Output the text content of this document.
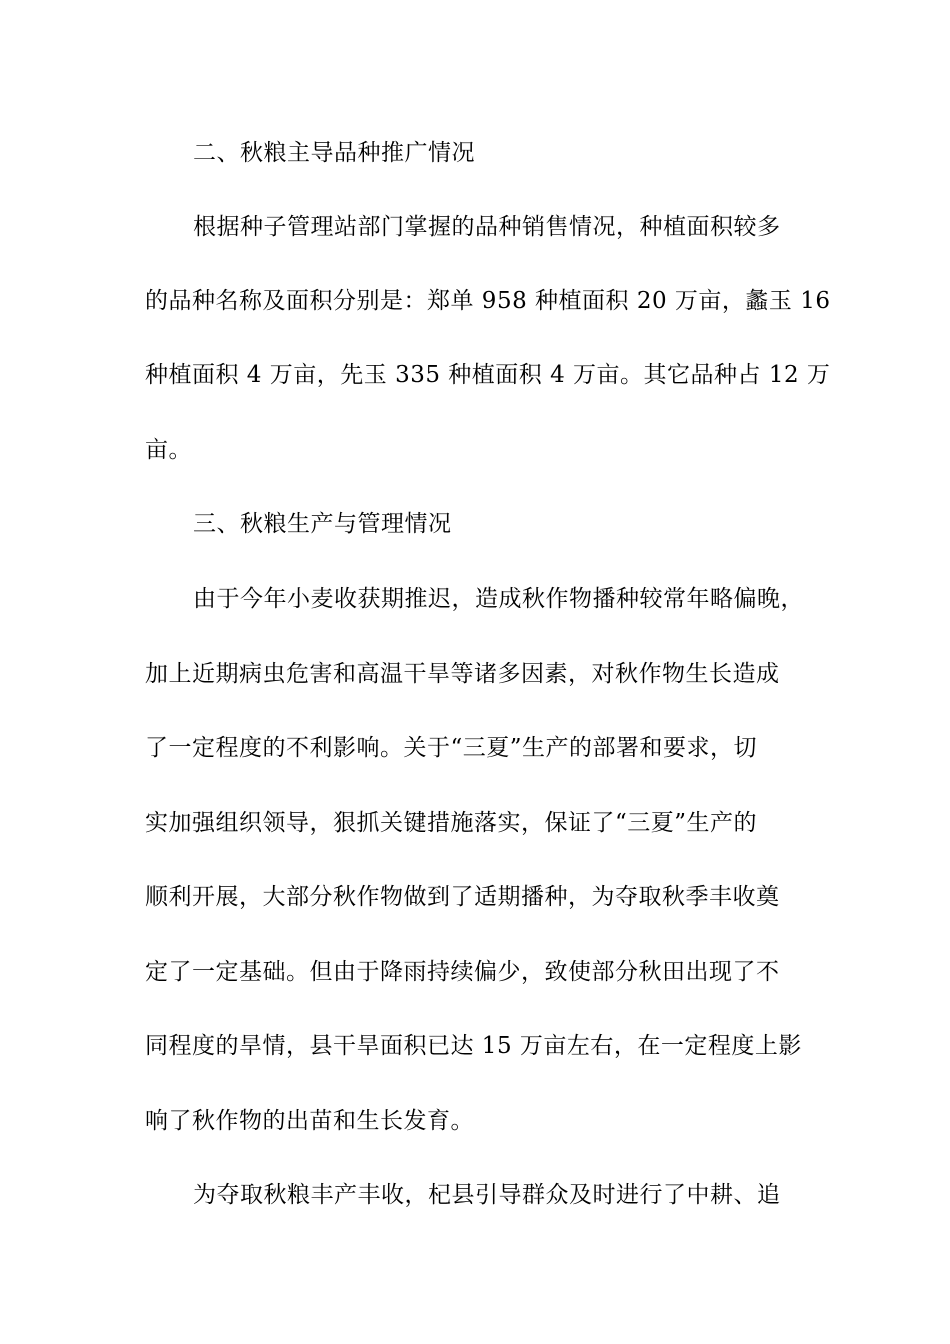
二、秋粮主导品种推广情况
根据种子管理站部门掌握的品种销售情况，种植面积较多
的品种名称及面积分别是：郑单 958 种植面积 20 万亩，蠡玉 16
种植面积 4 万亩，先玉 335 种植面积 4 万亩。其它品种占 12 万
亩。
三、秋粮生产与管理情况
由于今年小麦收获期推迟，造成秋作物播种较常年略偏晚，
加上近期病虫危害和高温干旱等诸多因素，对秋作物生长造成
了一定程度的不利影响。关于“三夏”生产的部署和要求，切
实加强组织领导，狠抓关键措施落实，保证了“三夏”生产的
顺利开展，大部分秋作物做到了适期播种，为夺取秋季丰收奠
定了一定基础。但由于降雨持续偏少，致使部分秋田出现了不
同程度的旱情，县干旱面积已达 15 万亩左右，在一定程度上影
响了秋作物的出苗和生长发育。
为夺取秋粮丰产丰收，杞县引导群众及时进行了中耕、追
